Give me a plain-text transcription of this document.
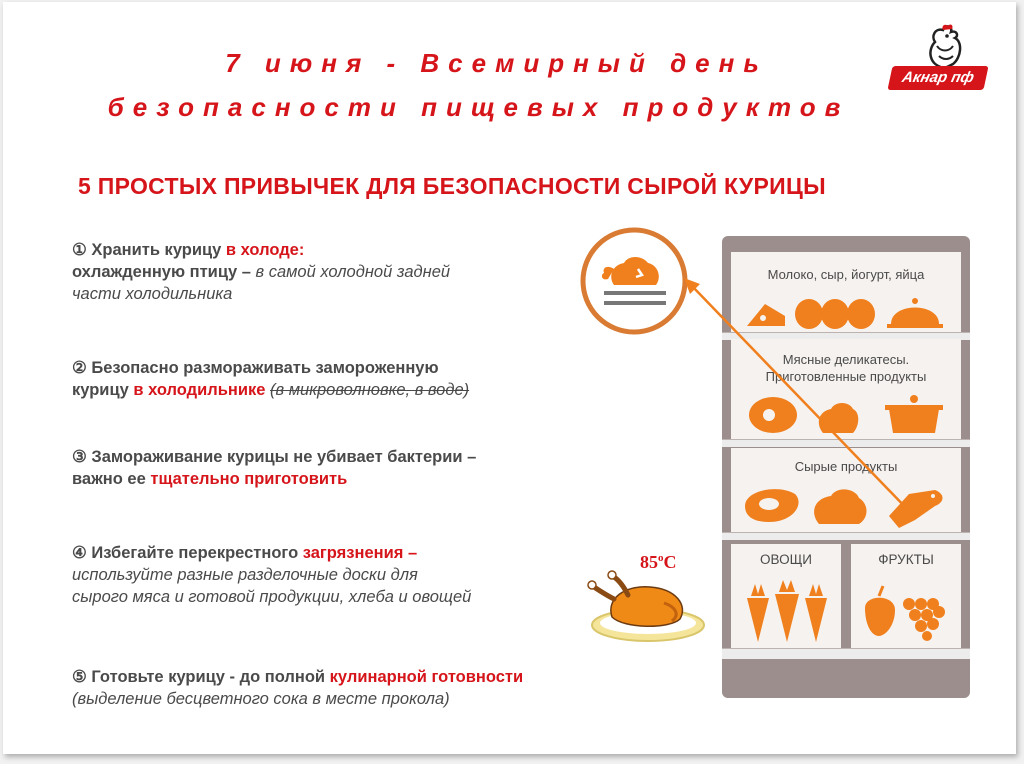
7 июня - Всемирный день
безопасности пищевых продуктов
Акнар пф
5 ПРОСТЫХ ПРИВЫЧЕК ДЛЯ БЕЗОПАСНОСТИ СЫРОЙ КУРИЦЫ
① Хранить курицу в холоде:
охлажденную птицу – в самой холодной задней
части холодильника
② Безопасно размораживать замороженную
курицу в холодильнике (в микроволновке, в воде)
③ Замораживание курицы не убивает бактерии –
важно ее тщательно приготовить
④ Избегайте перекрестного загрязнения –
используйте разные разделочные доски для
сырого мяса и готовой продукции, хлеба и овощей
⑤ Готовьте курицу - до полной кулинарной готовности
(выделение бесцветного сока в месте прокола)
85$^o$С
Молоко, сыр, йогурт, яйца
Мясные деликатесы.
Приготовленные продукты
Сырые продукты
ОВОЩИ	ФРУКТЫ
